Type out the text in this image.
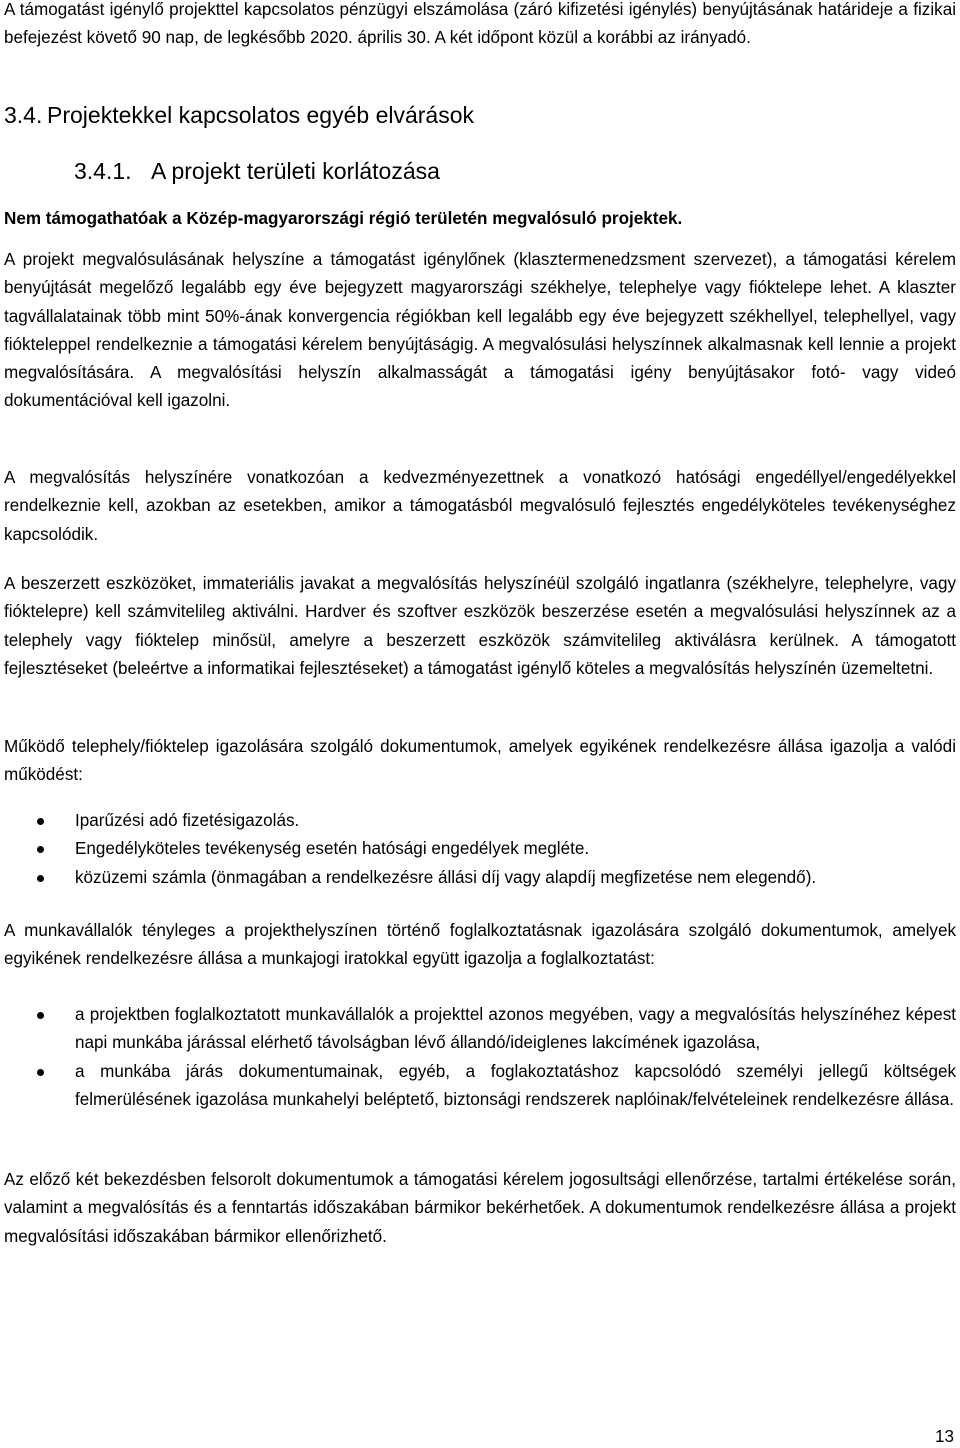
A támogatást igénylő projekttel kapcsolatos pénzügyi elszámolása (záró kifizetési igénylés) benyújtásának határideje a fizikai befejezést követő 90 nap, de legkésőbb 2020. április 30. A két időpont közül a korábbi az irányadó.

3.4. Projektekkel kapcsolatos egyéb elvárások
3.4.1. A projekt területi korlátozása

Nem támogathatóak a Közép-magyarországi régió területén megvalósuló projektek.

A projekt megvalósulásának helyszíne a támogatást igénylőnek (klasztermenedzsment szervezet), a támogatási kérelem benyújtását megelőző legalább egy éve bejegyzett magyarországi székhelye, telephelye vagy fióktelepe lehet. A klaszter tagvállalatainak több mint 50%-ának konvergencia régiókban kell legalább egy éve bejegyzett székhellyel, telephellyel, vagy fiókteleppel rendelkeznie a támogatási kérelem benyújtáságig. A megvalósulási helyszínnek alkalmasnak kell lennie a projekt megvalósítására. A megvalósítási helyszín alkalmasságát a támogatási igény benyújtásakor fotó- vagy videó dokumentációval kell igazolni.

A megvalósítás helyszínére vonatkozóan a kedvezményezettnek a vonatkozó hatósági engedéllyel/engedélyekkel rendelkeznie kell, azokban az esetekben, amikor a támogatásból megvalósuló fejlesztés engedélyköteles tevékenységhez kapcsolódik.

A beszerzett eszközöket, immateriális javakat a megvalósítás helyszínéül szolgáló ingatlanra (székhelyre, telephelyre, vagy fióktelepre) kell számvitelileg aktiválni. Hardver és szoftver eszközök beszerzése esetén a megvalósulási helyszínnek az a telephely vagy fióktelep minősül, amelyre a beszerzett eszközök számvitelileg aktiválásra kerülnek. A támogatott fejlesztéseket (beleértve a informatikai fejlesztéseket) a támogatást igénylő köteles a megvalósítás helyszínén üzemeltetni.

Működő telephely/fióktelep igazolására szolgáló dokumentumok, amelyek egyikének rendelkezésre állása igazolja a valódi működést:

Iparűzési adó fizetésigazolás.
Engedélyköteles tevékenység esetén hatósági engedélyek megléte.
közüzemi számla (önmagában a rendelkezésre állási díj vagy alapdíj megfizetése nem elegendő).

A munkavállalók tényleges a projekthelyszínen történő foglalkoztatásnak igazolására szolgáló dokumentumok, amelyek egyikének rendelkezésre állása a munkajogi iratokkal együtt igazolja a foglalkoztatást:

a projektben foglalkoztatott munkavállalók a projekttel azonos megyében, vagy a megvalósítás helyszínéhez képest napi munkába járással elérhető távolságban lévő állandó/ideiglenes lakcímének igazolása,
a munkába járás dokumentumainak, egyéb, a foglakoztatáshoz kapcsolódó személyi jellegű költségek felmerülésének igazolása munkahelyi beléptető, biztonsági rendszerek naplóinak/felvételeinek rendelkezésre állása.

Az előző két bekezdésben felsorolt dokumentumok a támogatási kérelem jogosultsági ellenőrzése, tartalmi értékelése során, valamint a megvalósítás és a fenntartás időszakában bármikor bekérhetőek. A dokumentumok rendelkezésre állása a projekt megvalósítási időszakában bármikor ellenőrizhető.

13
